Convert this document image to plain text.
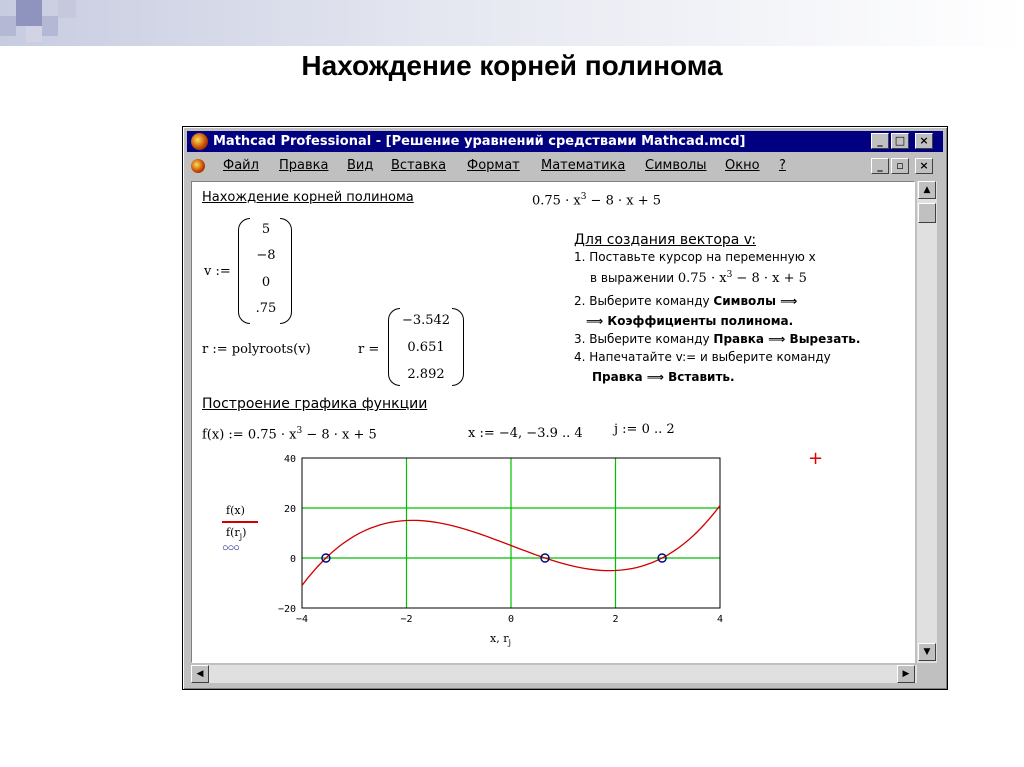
Нахождение корней полинома
Mathcad Professional - [Решение уравнений средствами Mathcad.mcd]	_	□	×
Файл Правка Вид Вставка Формат Математика Символы Окно ?	_	▫	×
Нахождение корней полинома	$0.75 \cdot x^3 - 8 \cdot x + 5$
v :=
5
−8
0
.75
r := polyroots(v)	r =
−3.542
0.651
2.892
Для создания вектора v:
1. Поставьте курсор на переменную x
в выражении $0.75 \cdot x^3 - 8 \cdot x + 5$
2. Выберите команду Символы ⟹
⟹ Коэффициенты полинома.
3. Выберите команду Правка ⟹ Вырезать.
4. Напечатайте v:= и выберите команду
Правка ⟹ Вставить.
Построение графика функции
f(x) := $0.75 \cdot x^3 - 8 \cdot x + 5$	x := −4, −3.9 .. 4 j := 0 .. 2
+
f(x)
$f(r_j)$
○○○
−4	−2	0	2	4
40
20
0
−20
x, $r_j$
▲
▼
◀	▶
